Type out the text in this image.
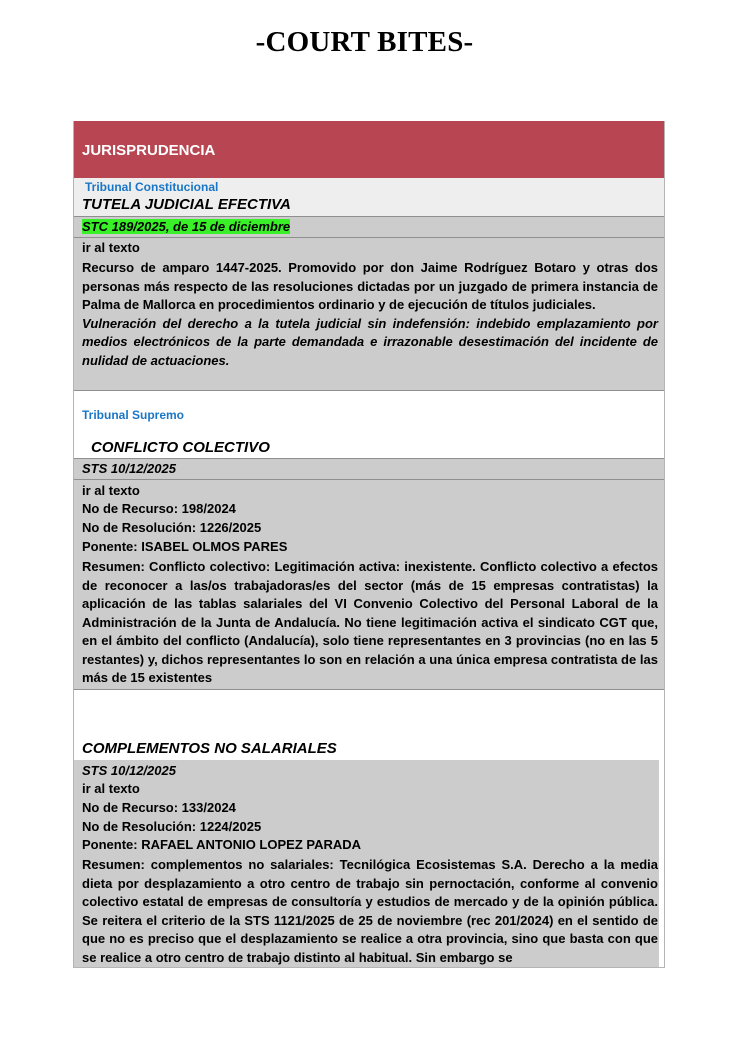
-COURT BITES-
JURISPRUDENCIA
Tribunal Constitucional
TUTELA JUDICIAL EFECTIVA
STC 189/2025, de 15 de diciembre
ir al texto
Recurso de amparo 1447-2025. Promovido por don Jaime Rodríguez Botaro y otras dos personas más respecto de las resoluciones dictadas por un juzgado de primera instancia de Palma de Mallorca en procedimientos ordinario y de ejecución de títulos judiciales.
Vulneración del derecho a la tutela judicial sin indefensión: indebido emplazamiento por medios electrónicos de la parte demandada e irrazonable desestimación del incidente de nulidad de actuaciones.
Tribunal Supremo
CONFLICTO COLECTIVO
STS 10/12/2025
ir al texto
No de Recurso: 198/2024
No de Resolución: 1226/2025
Ponente: ISABEL OLMOS PARES
Resumen: Conflicto colectivo: Legitimación activa: inexistente. Conflicto colectivo a efectos de reconocer a las/os trabajadoras/es del sector (más de 15 empresas contratistas) la aplicación de las tablas salariales del VI Convenio Colectivo del Personal Laboral de la Administración de la Junta de Andalucía. No tiene legitimación activa el sindicato CGT que, en el ámbito del conflicto (Andalucía), solo tiene representantes en 3 provincias (no en las 5 restantes) y, dichos representantes lo son en relación a una única empresa contratista de las más de 15 existentes
COMPLEMENTOS NO SALARIALES
STS 10/12/2025
ir al texto
No de Recurso: 133/2024
No de Resolución: 1224/2025
Ponente: RAFAEL ANTONIO LOPEZ PARADA
Resumen: complementos no salariales: Tecnilógica Ecosistemas S.A. Derecho a la media dieta por desplazamiento a otro centro de trabajo sin pernoctación, conforme al convenio colectivo estatal de empresas de consultoría y estudios de mercado y de la opinión pública. Se reitera el criterio de la STS 1121/2025 de 25 de noviembre (rec 201/2024) en el sentido de que no es preciso que el desplazamiento se realice a otra provincia, sino que basta con que se realice a otro centro de trabajo distinto al habitual. Sin embargo se
